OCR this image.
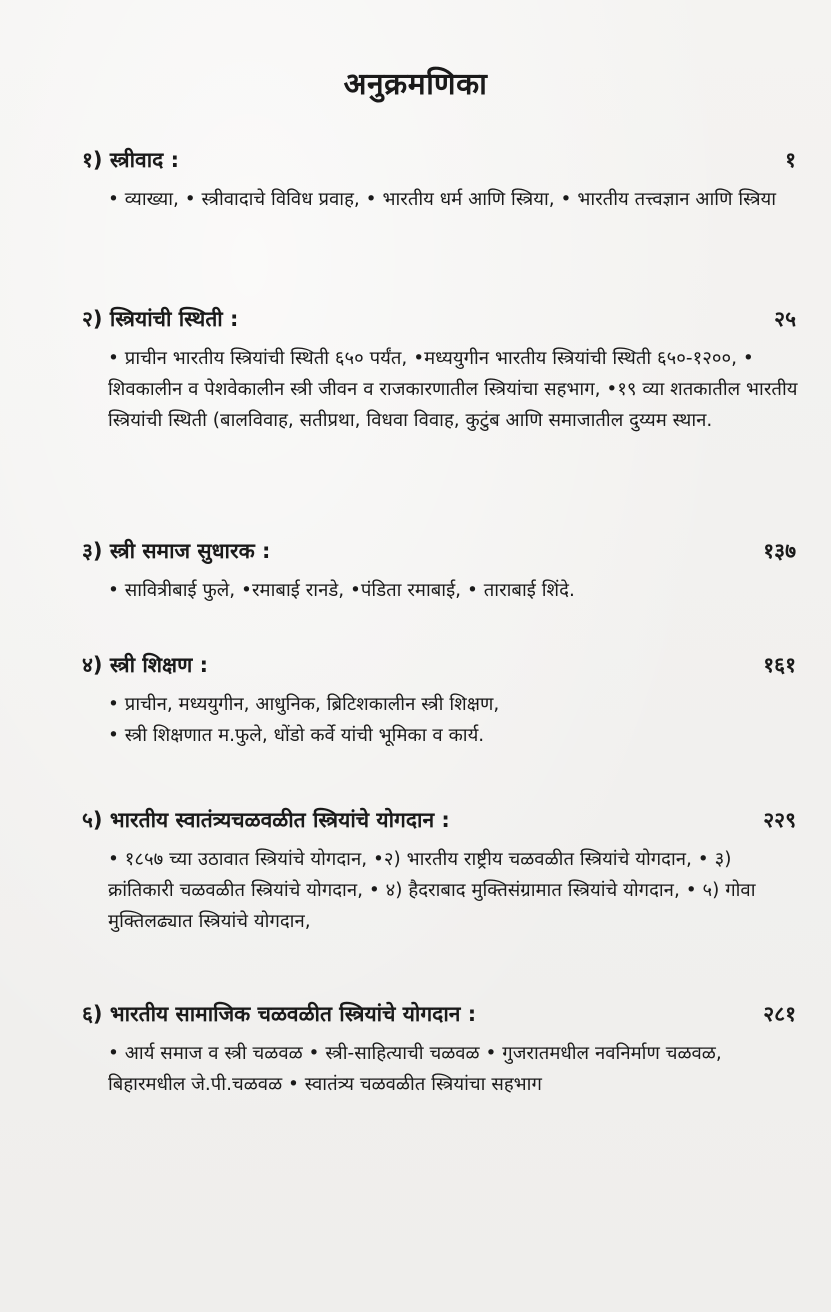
अनुक्रमणिका
१) स्त्रीवाद :	१

• व्याख्या, • स्त्रीवादाचे विविध प्रवाह, • भारतीय धर्म आणि स्त्रिया, • भारतीय तत्त्वज्ञान आणि स्त्रिया

२) स्त्रियांची स्थिती :	२५

• प्राचीन भारतीय स्त्रियांची स्थिती ६५० पर्यंत, •मध्ययुगीन भारतीय स्त्रियांची स्थिती ६५०-१२००, • शिवकालीन व पेशवेकालीन स्त्री जीवन व राजकारणातील स्त्रियांचा सहभाग, •१९ व्या शतकातील भारतीय स्त्रियांची स्थिती (बालविवाह, सतीप्रथा, विधवा विवाह, कुटुंब आणि समाजातील दुय्यम स्थान.

३) स्त्री समाज सुधारक :	१३७

• सावित्रीबाई फुले, •रमाबाई रानडे, •पंडिता रमाबाई, • ताराबाई शिंदे.

४) स्त्री शिक्षण :	१६१

• प्राचीन, मध्ययुगीन, आधुनिक, ब्रिटिशकालीन स्त्री शिक्षण,

• स्त्री शिक्षणात म.फुले, धोंडो कर्वे यांची भूमिका व कार्य.

५) भारतीय स्वातंत्र्यचळवळीत स्त्रियांचे योगदान :	२२९

• १८५७ च्या उठावात स्त्रियांचे योगदान, •२) भारतीय राष्ट्रीय चळवळीत स्त्रियांचे योगदान, • ३) क्रांतिकारी चळवळीत स्त्रियांचे योगदान, • ४) हैदराबाद मुक्तिसंग्रामात स्त्रियांचे योगदान, • ५) गोवा मुक्तिलढ्यात स्त्रियांचे योगदान,

६) भारतीय सामाजिक चळवळीत स्त्रियांचे योगदान :	२८१

• आर्य समाज व स्त्री चळवळ • स्त्री-साहित्याची चळवळ • गुजरातमधील नवनिर्माण चळवळ, बिहारमधील जे.पी.चळवळ • स्वातंत्र्य चळवळीत स्त्रियांचा सहभाग
